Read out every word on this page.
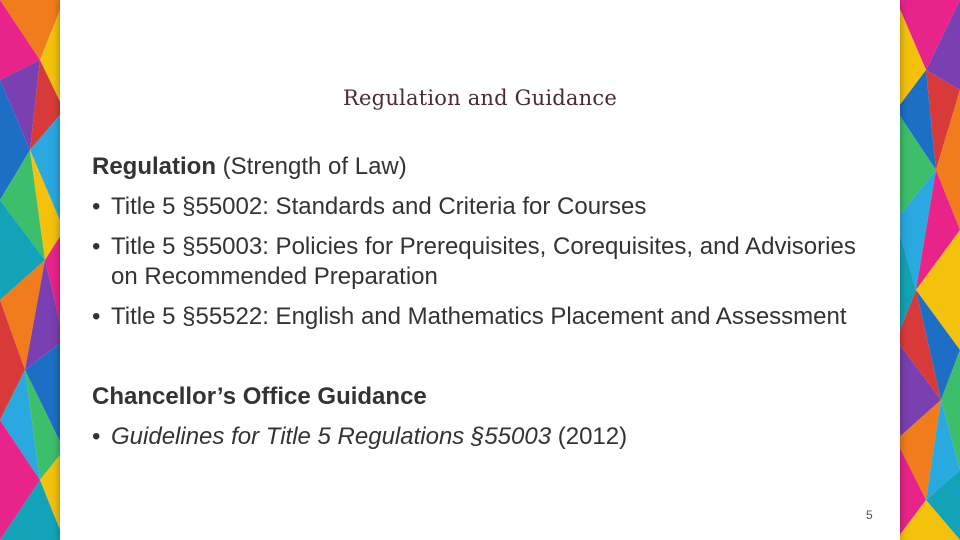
Regulation and Guidance
Regulation (Strength of Law)
• Title 5 §55002: Standards and Criteria for Courses
• Title 5 §55003: Policies for Prerequisites, Corequisites, and Advisories on Recommended Preparation
• Title 5 §55522: English and Mathematics Placement and Assessment
Chancellor’s Office Guidance
• Guidelines for Title 5 Regulations §55003 (2012)
5
